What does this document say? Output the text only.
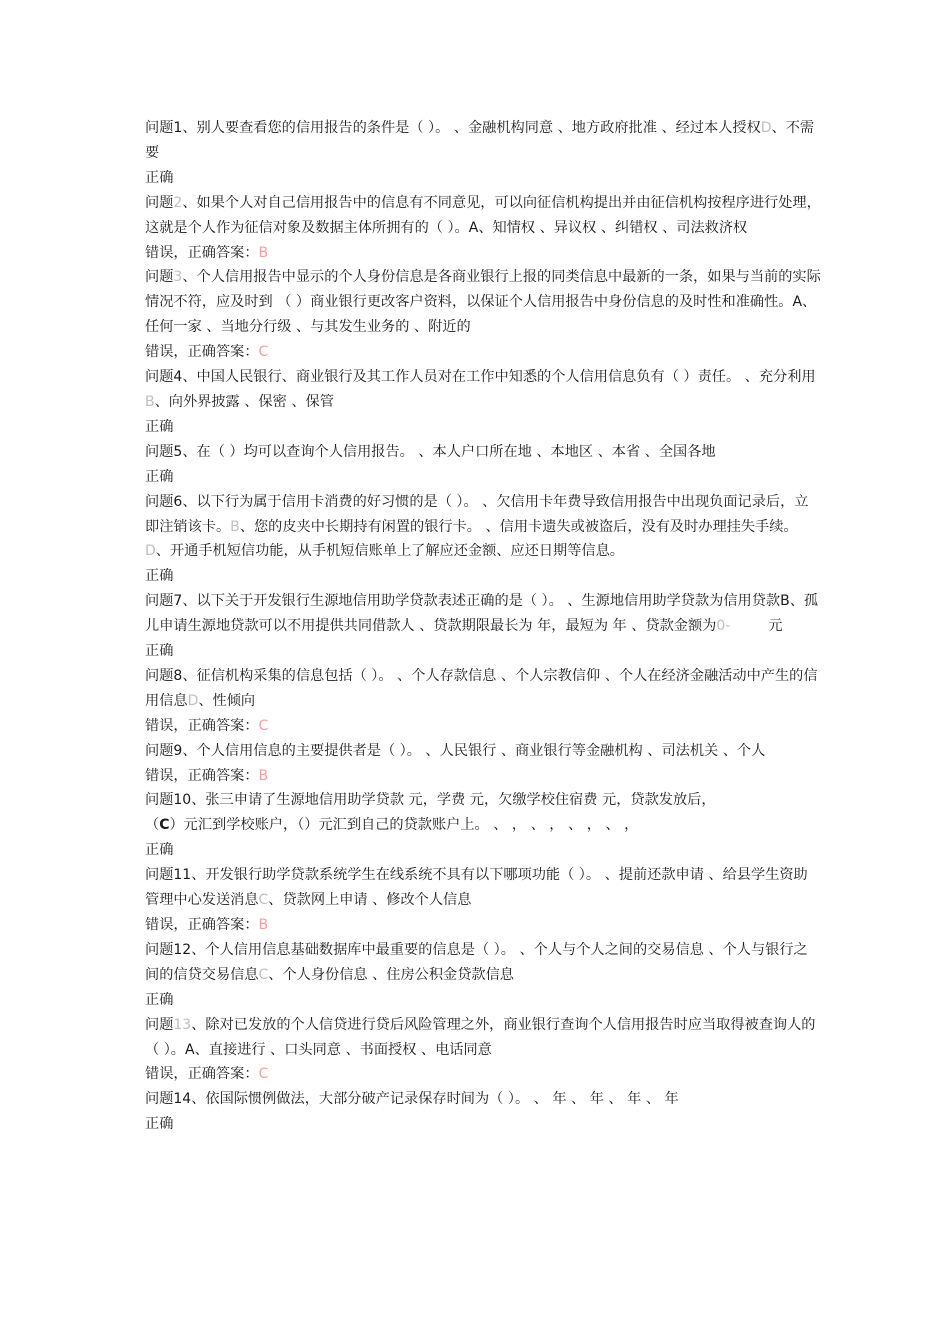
问题1、别人要查看您的信用报告的条件是（ ）。 、金融机构同意 、地方政府批准 、经过本人授权D、不需要
正确
问题2、如果个人对自己信用报告中的信息有不同意见，可以向征信机构提出并由征信机构按程序进行处理，这就是个人作为征信对象及数据主体所拥有的（ ）。A、知情权 、异议权 、纠错权 、司法救济权
错误，正确答案：B
问题3、个人信用报告中显示的个人身份信息是各商业银行上报的同类信息中最新的一条，如果与当前的实际情况不符，应及时到 （ ）商业银行更改客户资料，以保证个人信用报告中身份信息的及时性和准确性。A、任何一家 、当地分行级 、与其发生业务的 、附近的
错误，正确答案：C
问题4、中国人民银行、商业银行及其工作人员对在工作中知悉的个人信用信息负有（ ）责任。 、充分利用B、向外界披露 、保密 、保管
正确
问题5、在（ ）均可以查询个人信用报告。 、本人户口所在地 、本地区 、本省 、全国各地
正确
问题6、以下行为属于信用卡消费的好习惯的是（ ）。 、欠信用卡年费导致信用报告中出现负面记录后，立即注销该卡。B、您的皮夹中长期持有闲置的银行卡。 、信用卡遗失或被盗后，没有及时办理挂失手续。D、开通手机短信功能，从手机短信账单上了解应还金额、应还日期等信息。
正确
问题7、以下关于开发银行生源地信用助学贷款表述正确的是（ ）。 、生源地信用助学贷款为信用贷款B、孤儿申请生源地贷款可以不用提供共同借款人 、贷款期限最长为 年，最短为 年 、贷款金额为0-	元
正确
问题8、征信机构采集的信息包括（ ）。 、个人存款信息 、个人宗教信仰 、个人在经济金融活动中产生的信用信息D、性倾向
错误，正确答案：C
问题9、个人信用信息的主要提供者是（ ）。 、人民银行 、商业银行等金融机构 、司法机关 、个人
错误，正确答案：B
问题10、张三申请了生源地信用助学贷款 元，学费 元，欠缴学校住宿费 元，贷款发放后，
（C）元汇到学校账户，（）元汇到自己的贷款账户上。 、 ， 、 ， 、 ， 、 ，
正确
问题11、开发银行助学贷款系统学生在线系统不具有以下哪项功能（ ）。 、提前还款申请 、给县学生资助管理中心发送消息C、贷款网上申请 、修改个人信息
错误，正确答案：B
问题12、个人信用信息基础数据库中最重要的信息是（ ）。 、个人与个人之间的交易信息 、个人与银行之间的信贷交易信息C、个人身份信息 、住房公积金贷款信息
正确
问题13、除对已发放的个人信贷进行贷后风险管理之外，商业银行查询个人信用报告时应当取得被查询人的（ ）。A、直接进行 、口头同意 、书面授权 、电话同意
错误，正确答案：C
问题14、依国际惯例做法，大部分破产记录保存时间为（ ）。 、 年 、 年 、 年 、 年
正确
